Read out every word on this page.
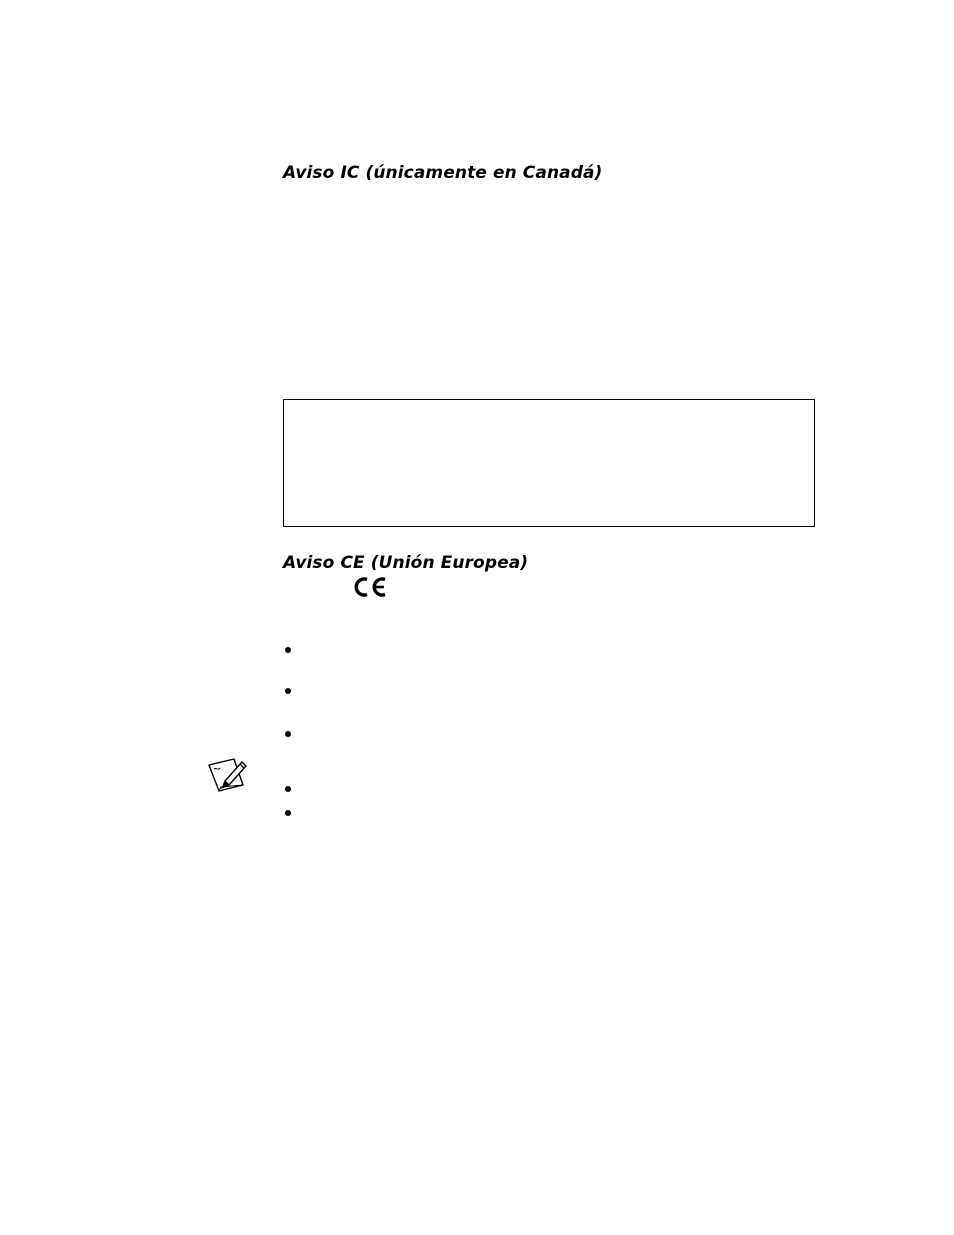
Aviso IC (únicamente en Canadá)
Aviso CE (Unión Europea)
